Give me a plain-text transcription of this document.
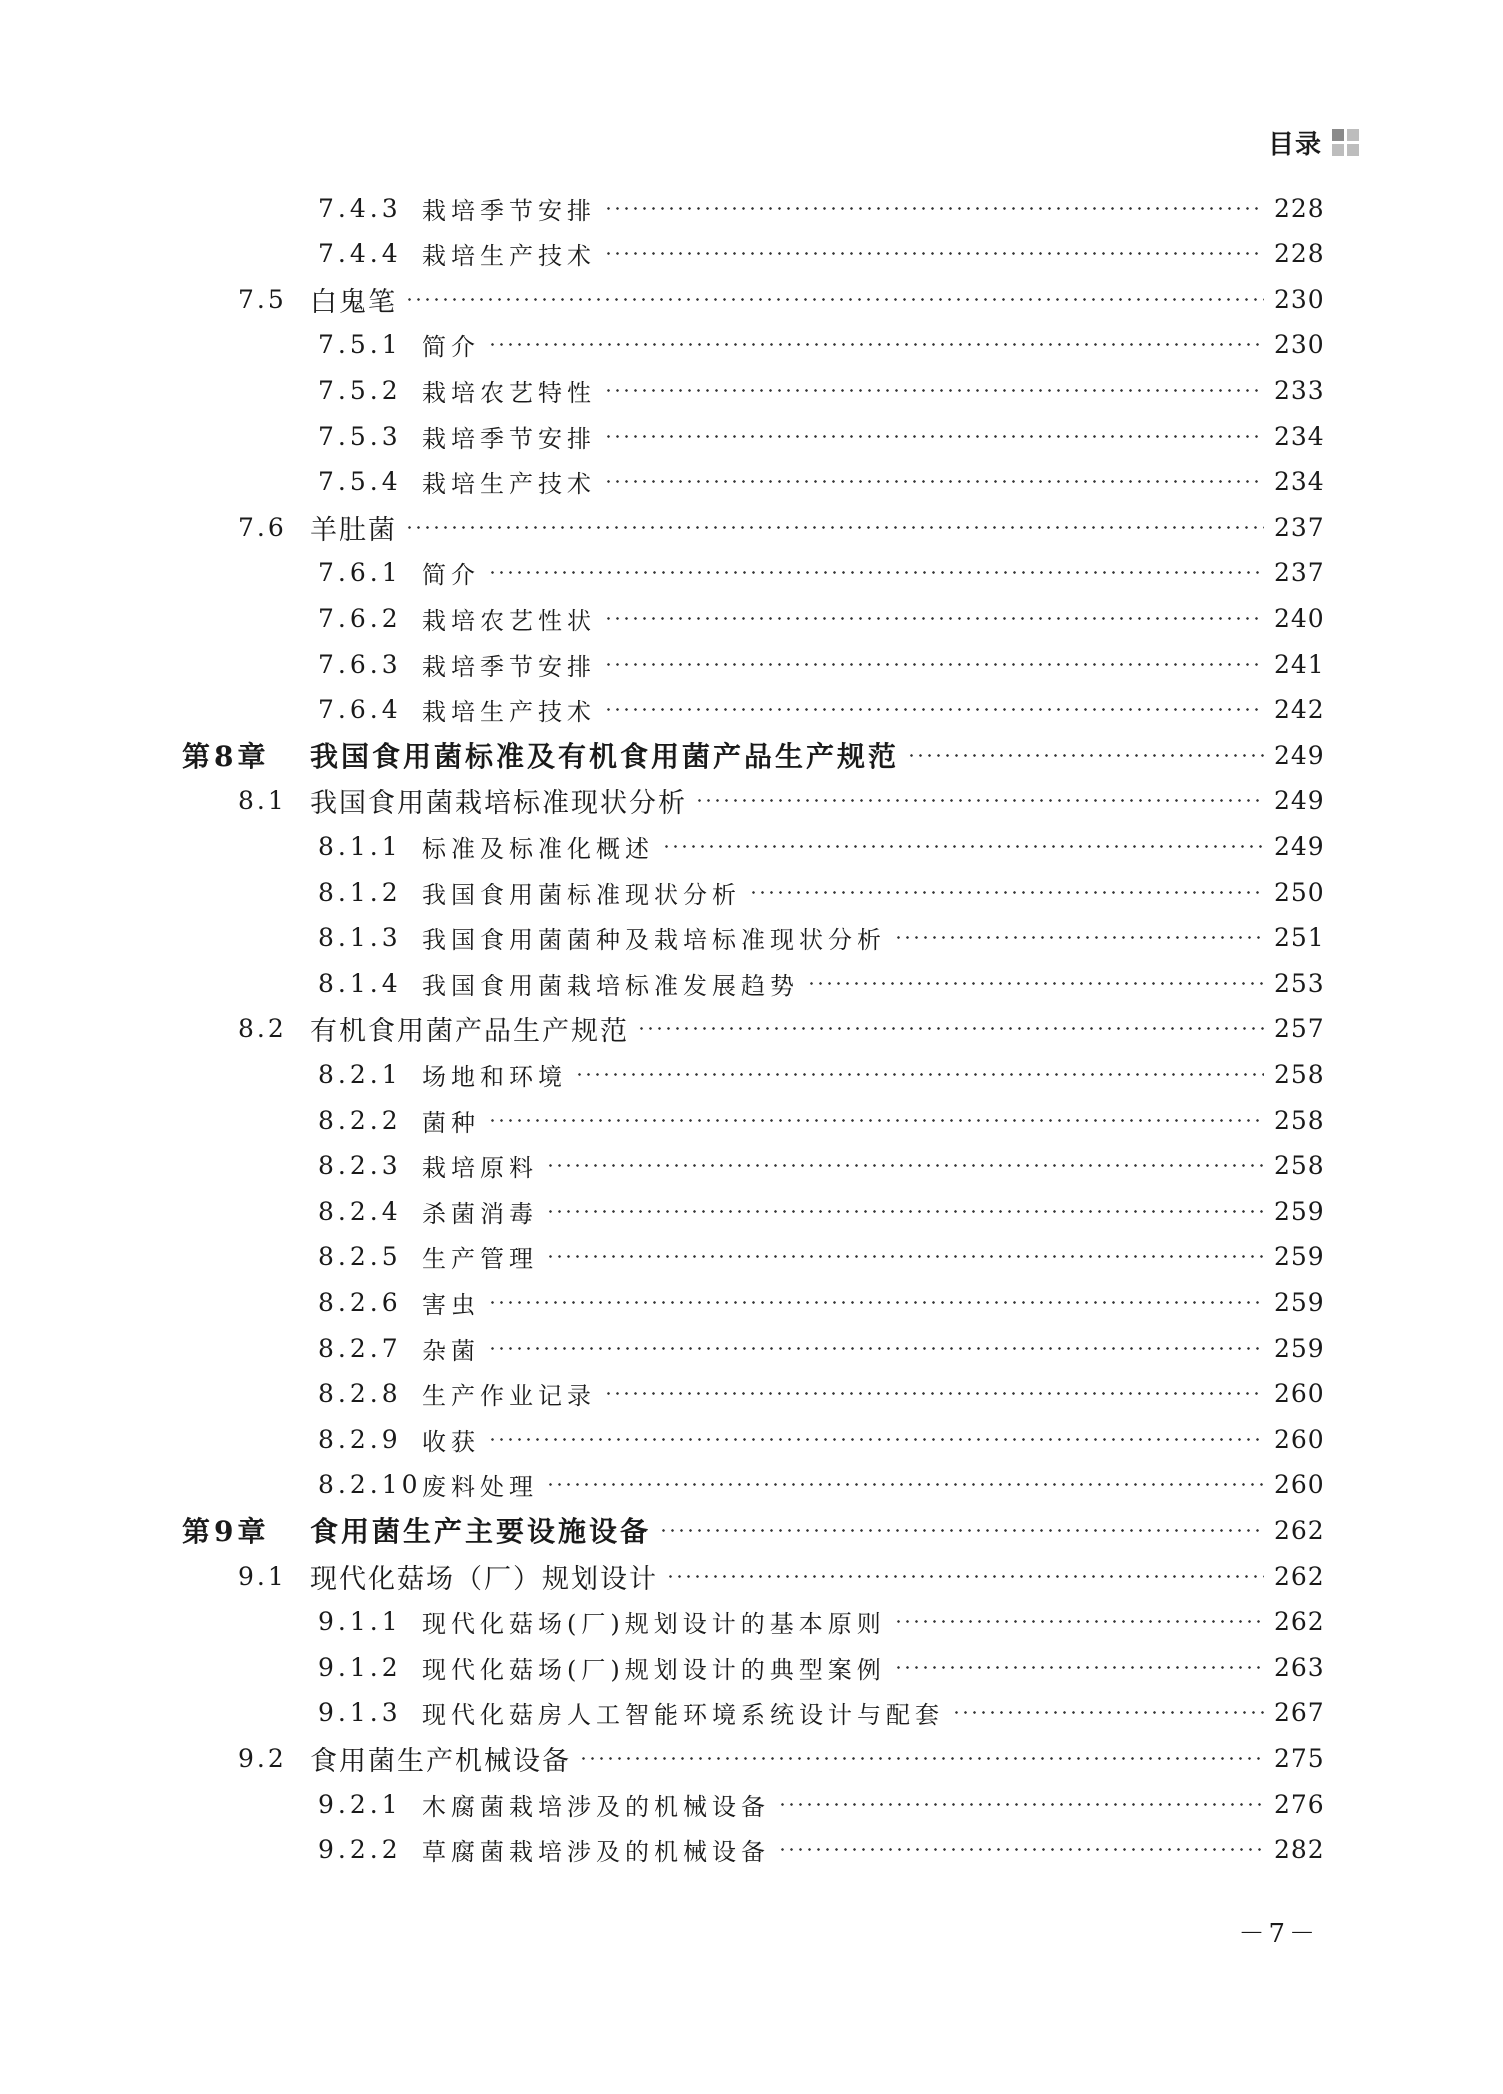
目录
7.4.3 栽培季节安排	228
7.4.4 栽培生产技术	228
7.5 白鬼笔	230
7.5.1 简介	230
7.5.2 栽培农艺特性	233
7.5.3 栽培季节安排	234
7.5.4 栽培生产技术	234
7.6 羊肚菌	237
7.6.1 简介	237
7.6.2 栽培农艺性状	240
7.6.3 栽培季节安排	241
7.6.4 栽培生产技术	242
第8章	我国食用菌标准及有机食用菌产品生产规范	249
8.1 我国食用菌栽培标准现状分析	249
8.1.1 标准及标准化概述	249
8.1.2 我国食用菌标准现状分析	250
8.1.3 我国食用菌菌种及栽培标准现状分析	251
8.1.4 我国食用菌栽培标准发展趋势	253
8.2 有机食用菌产品生产规范	257
8.2.1 场地和环境	258
8.2.2 菌种	258
8.2.3 栽培原料	258
8.2.4 杀菌消毒	259
8.2.5 生产管理	259
8.2.6 害虫	259
8.2.7 杂菌	259
8.2.8 生产作业记录	260
8.2.9 收获	260
8.2.10 废料处理	260
第9章	食用菌生产主要设施设备	262
9.1 现代化菇场（厂）规划设计	262
9.1.1 现代化菇场(厂)规划设计的基本原则	262
9.1.2 现代化菇场(厂)规划设计的典型案例	263
9.1.3 现代化菇房人工智能环境系统设计与配套	267
9.2 食用菌生产机械设备	275
9.2.1 木腐菌栽培涉及的机械设备	276
9.2.2 草腐菌栽培涉及的机械设备	282
－7－
